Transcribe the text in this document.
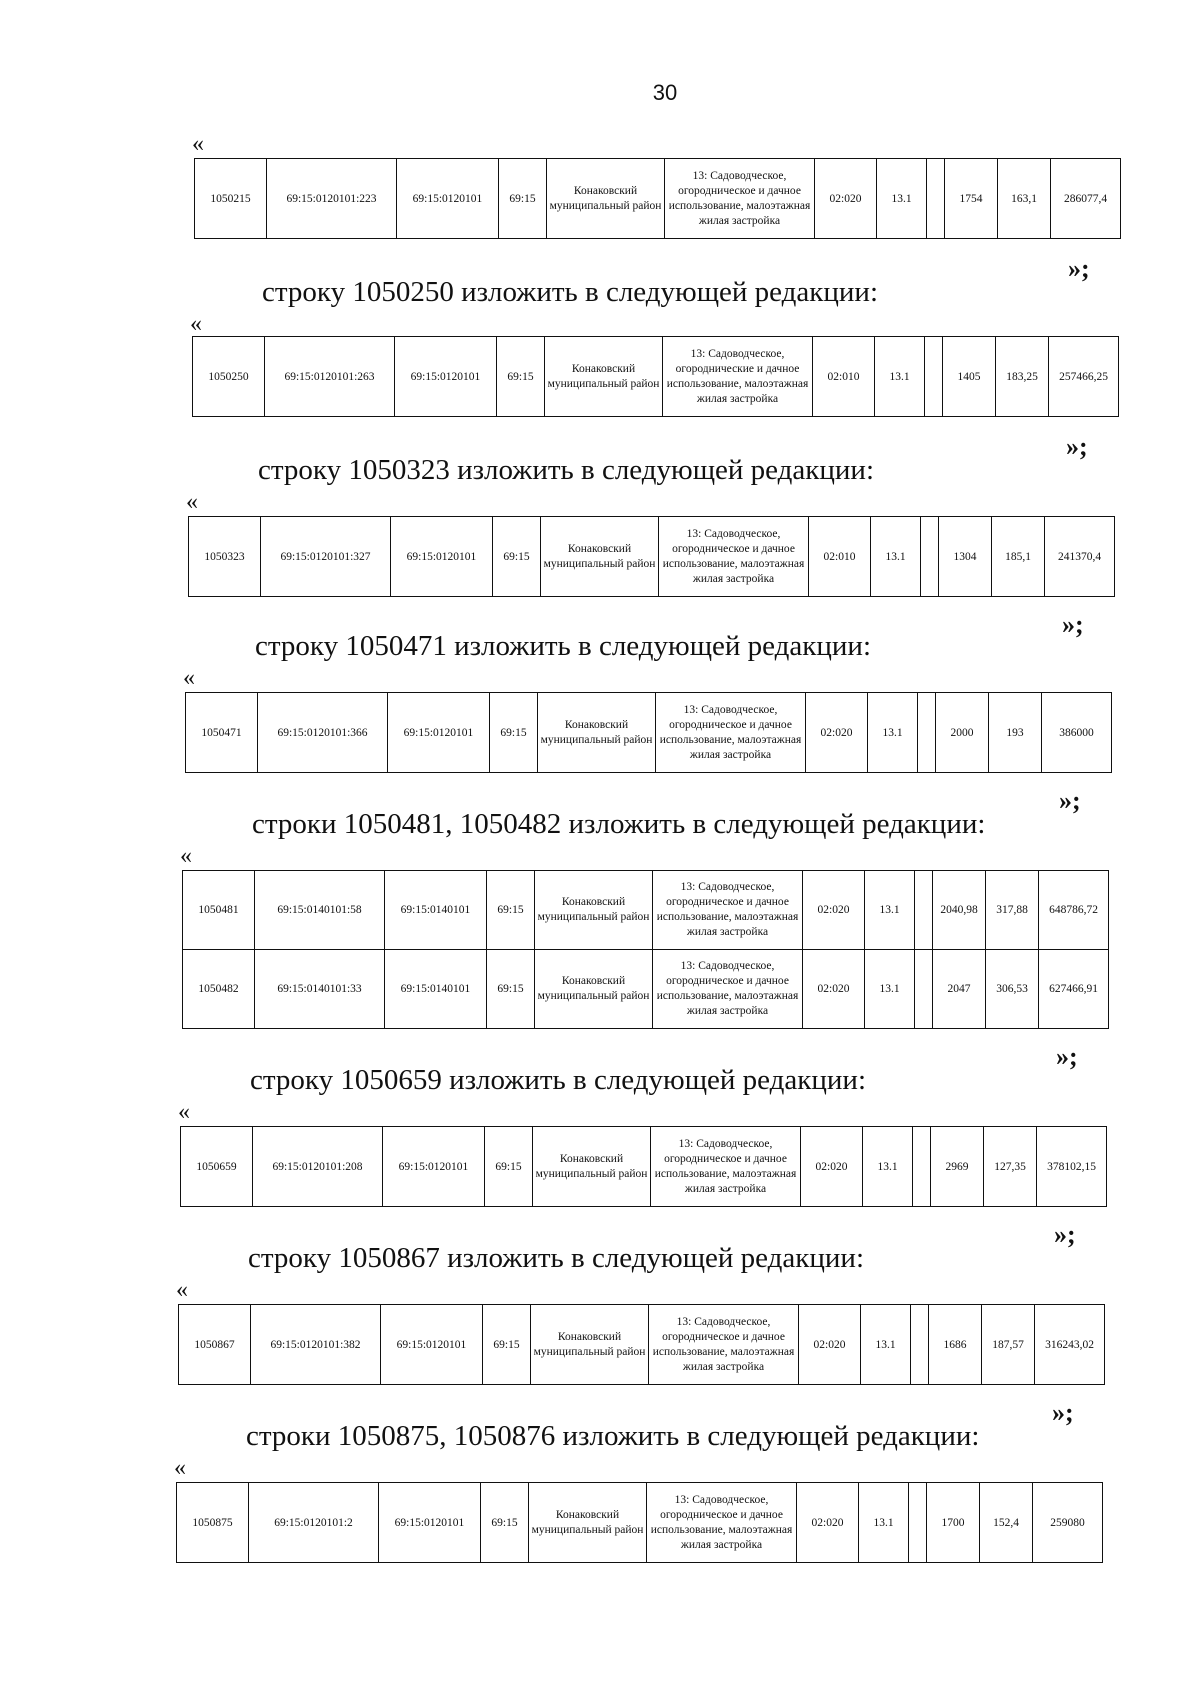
30
«
1050215	69:15:0120101:223	69:15:0120101	69:15	Конаковский муниципальный район	13: Садоводческое, огородническое и дачное использование, малоэтажная жилая застройка	02:020	13.1		1754	163,1	286077,4
»;
строку 1050250 изложить в следующей редакции:
«
1050250	69:15:0120101:263	69:15:0120101	69:15	Конаковский муниципальный район	13: Садоводческое, огороднические и дачное использование, малоэтажная жилая застройка	02:010	13.1		1405	183,25	257466,25
»;
строку 1050323 изложить в следующей редакции:
«
1050323	69:15:0120101:327	69:15:0120101	69:15	Конаковский муниципальный район	13: Садоводческое, огородническое и дачное использование, малоэтажная жилая застройка	02:010	13.1		1304	185,1	241370,4
»;
строку 1050471 изложить в следующей редакции:
«
1050471	69:15:0120101:366	69:15:0120101	69:15	Конаковский муниципальный район	13: Садоводческое, огородническое и дачное использование, малоэтажная жилая застройка	02:020	13.1		2000	193	386000
»;
строки 1050481, 1050482 изложить в следующей редакции:
«
1050481	69:15:0140101:58	69:15:0140101	69:15	Конаковский муниципальный район	13: Садоводческое, огородническое и дачное использование, малоэтажная жилая застройка	02:020	13.1		2040,98	317,88	648786,72
1050482	69:15:0140101:33	69:15:0140101	69:15	Конаковский муниципальный район	13: Садоводческое, огородническое и дачное использование, малоэтажная жилая застройка	02:020	13.1		2047	306,53	627466,91
»;
строку 1050659 изложить в следующей редакции:
«
1050659	69:15:0120101:208	69:15:0120101	69:15	Конаковский муниципальный район	13: Садоводческое, огородническое и дачное использование, малоэтажная жилая застройка	02:020	13.1		2969	127,35	378102,15
»;
строку 1050867 изложить в следующей редакции:
«
1050867	69:15:0120101:382	69:15:0120101	69:15	Конаковский муниципальный район	13: Садоводческое, огородническое и дачное использование, малоэтажная жилая застройка	02:020	13.1		1686	187,57	316243,02
»;
строки 1050875, 1050876 изложить в следующей редакции:
«
1050875	69:15:0120101:2	69:15:0120101	69:15	Конаковский муниципальный район	13: Садоводческое, огородническое и дачное использование, малоэтажная жилая застройка	02:020	13.1		1700	152,4	259080
